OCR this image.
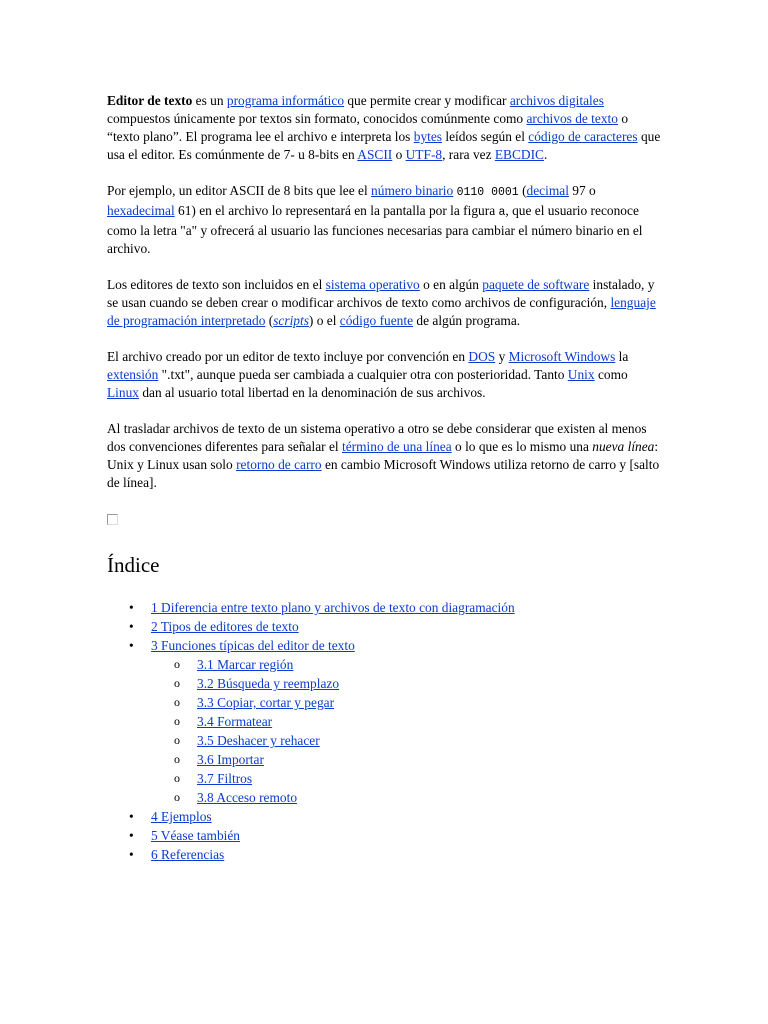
Editor de texto es un programa informático que permite crear y modificar archivos digitales compuestos únicamente por textos sin formato, conocidos comúnmente como archivos de texto o “texto plano”. El programa lee el archivo e interpreta los bytes leídos según el código de caracteres que usa el editor. Es comúnmente de 7- u 8-bits en ASCII o UTF-8, rara vez EBCDIC.

Por ejemplo, un editor ASCII de 8 bits que lee el número binario 0110 0001 (decimal 97 o hexadecimal 61) en el archivo lo representará en la pantalla por la figura a, que el usuario reconoce como la letra "a" y ofrecerá al usuario las funciones necesarias para cambiar el número binario en el archivo.

Los editores de texto son incluidos en el sistema operativo o en algún paquete de software instalado, y se usan cuando se deben crear o modificar archivos de texto como archivos de configuración, lenguaje de programación interpretado (scripts) o el código fuente de algún programa.

El archivo creado por un editor de texto incluye por convención en DOS y Microsoft Windows la extensión ".txt", aunque pueda ser cambiada a cualquier otra con posterioridad. Tanto Unix como Linux dan al usuario total libertad en la denominación de sus archivos.

Al trasladar archivos de texto de un sistema operativo a otro se debe considerar que existen al menos dos convenciones diferentes para señalar el término de una línea o lo que es lo mismo una nueva línea: Unix y Linux usan solo retorno de carro en cambio Microsoft Windows utiliza retorno de carro y [salto de línea].

Índice
• 1 Diferencia entre texto plano y archivos de texto con diagramación
• 2 Tipos de editores de texto
• 3 Funciones típicas del editor de texto
o 3.1 Marcar región
o 3.2 Búsqueda y reemplazo
o 3.3 Copiar, cortar y pegar
o 3.4 Formatear
o 3.5 Deshacer y rehacer
o 3.6 Importar
o 3.7 Filtros
o 3.8 Acceso remoto
• 4 Ejemplos
• 5 Véase también
• 6 Referencias
